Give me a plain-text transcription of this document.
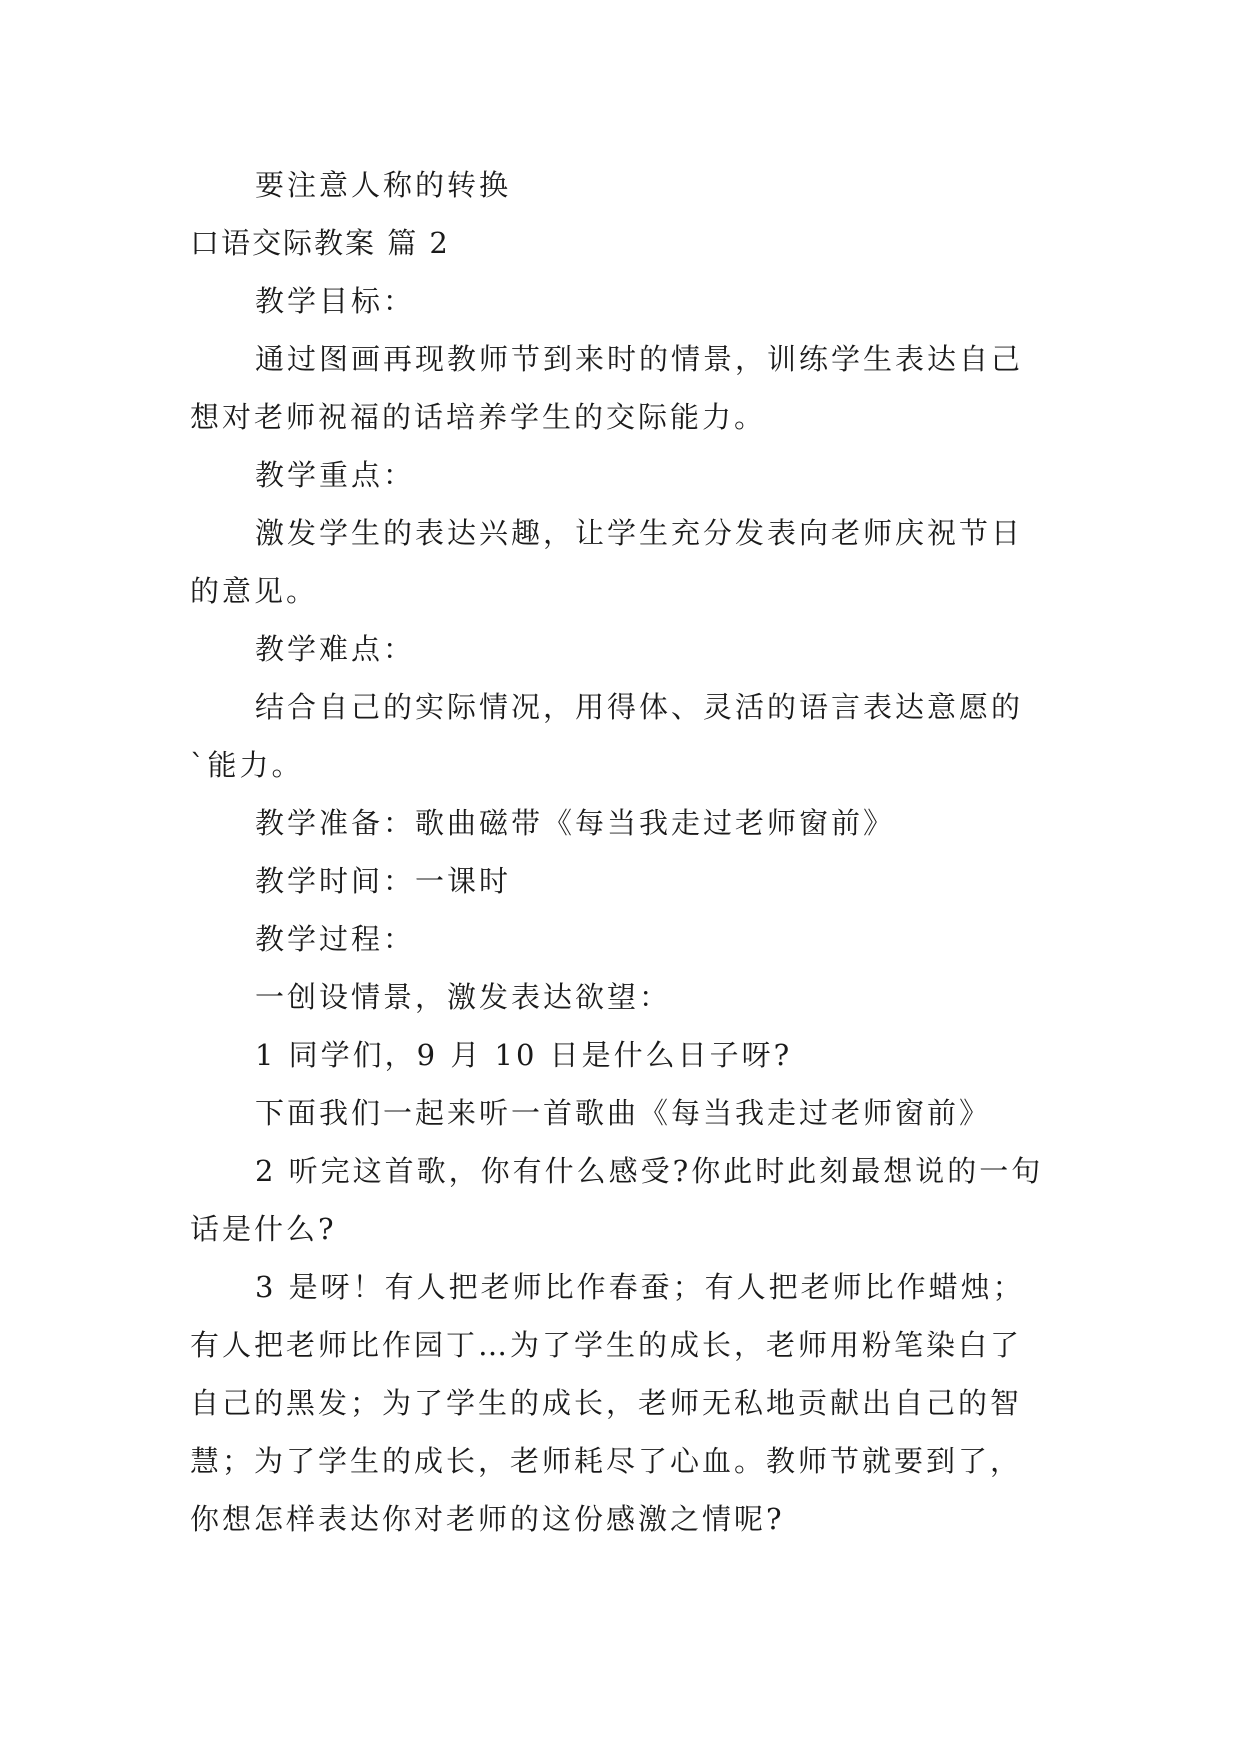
要注意人称的转换
口语交际教案 篇 2
教学目标：
通过图画再现教师节到来时的情景，训练学生表达自己
想对老师祝福的话培养学生的交际能力。
教学重点：
激发学生的表达兴趣，让学生充分发表向老师庆祝节日
的意见。
教学难点：
结合自己的实际情况，用得体、灵活的语言表达意愿的
`能力。
教学准备：歌曲磁带《每当我走过老师窗前》
教学时间：一课时
教学过程：
一创设情景，激发表达欲望：
1 同学们，9 月 10 日是什么日子呀?
下面我们一起来听一首歌曲《每当我走过老师窗前》
2 听完这首歌，你有什么感受?你此时此刻最想说的一句
话是什么?
3 是呀！有人把老师比作春蚕；有人把老师比作蜡烛；
有人把老师比作园丁…为了学生的成长，老师用粉笔染白了
自己的黑发；为了学生的成长，老师无私地贡献出自己的智
慧；为了学生的成长，老师耗尽了心血。教师节就要到了，
你想怎样表达你对老师的这份感激之情呢?
